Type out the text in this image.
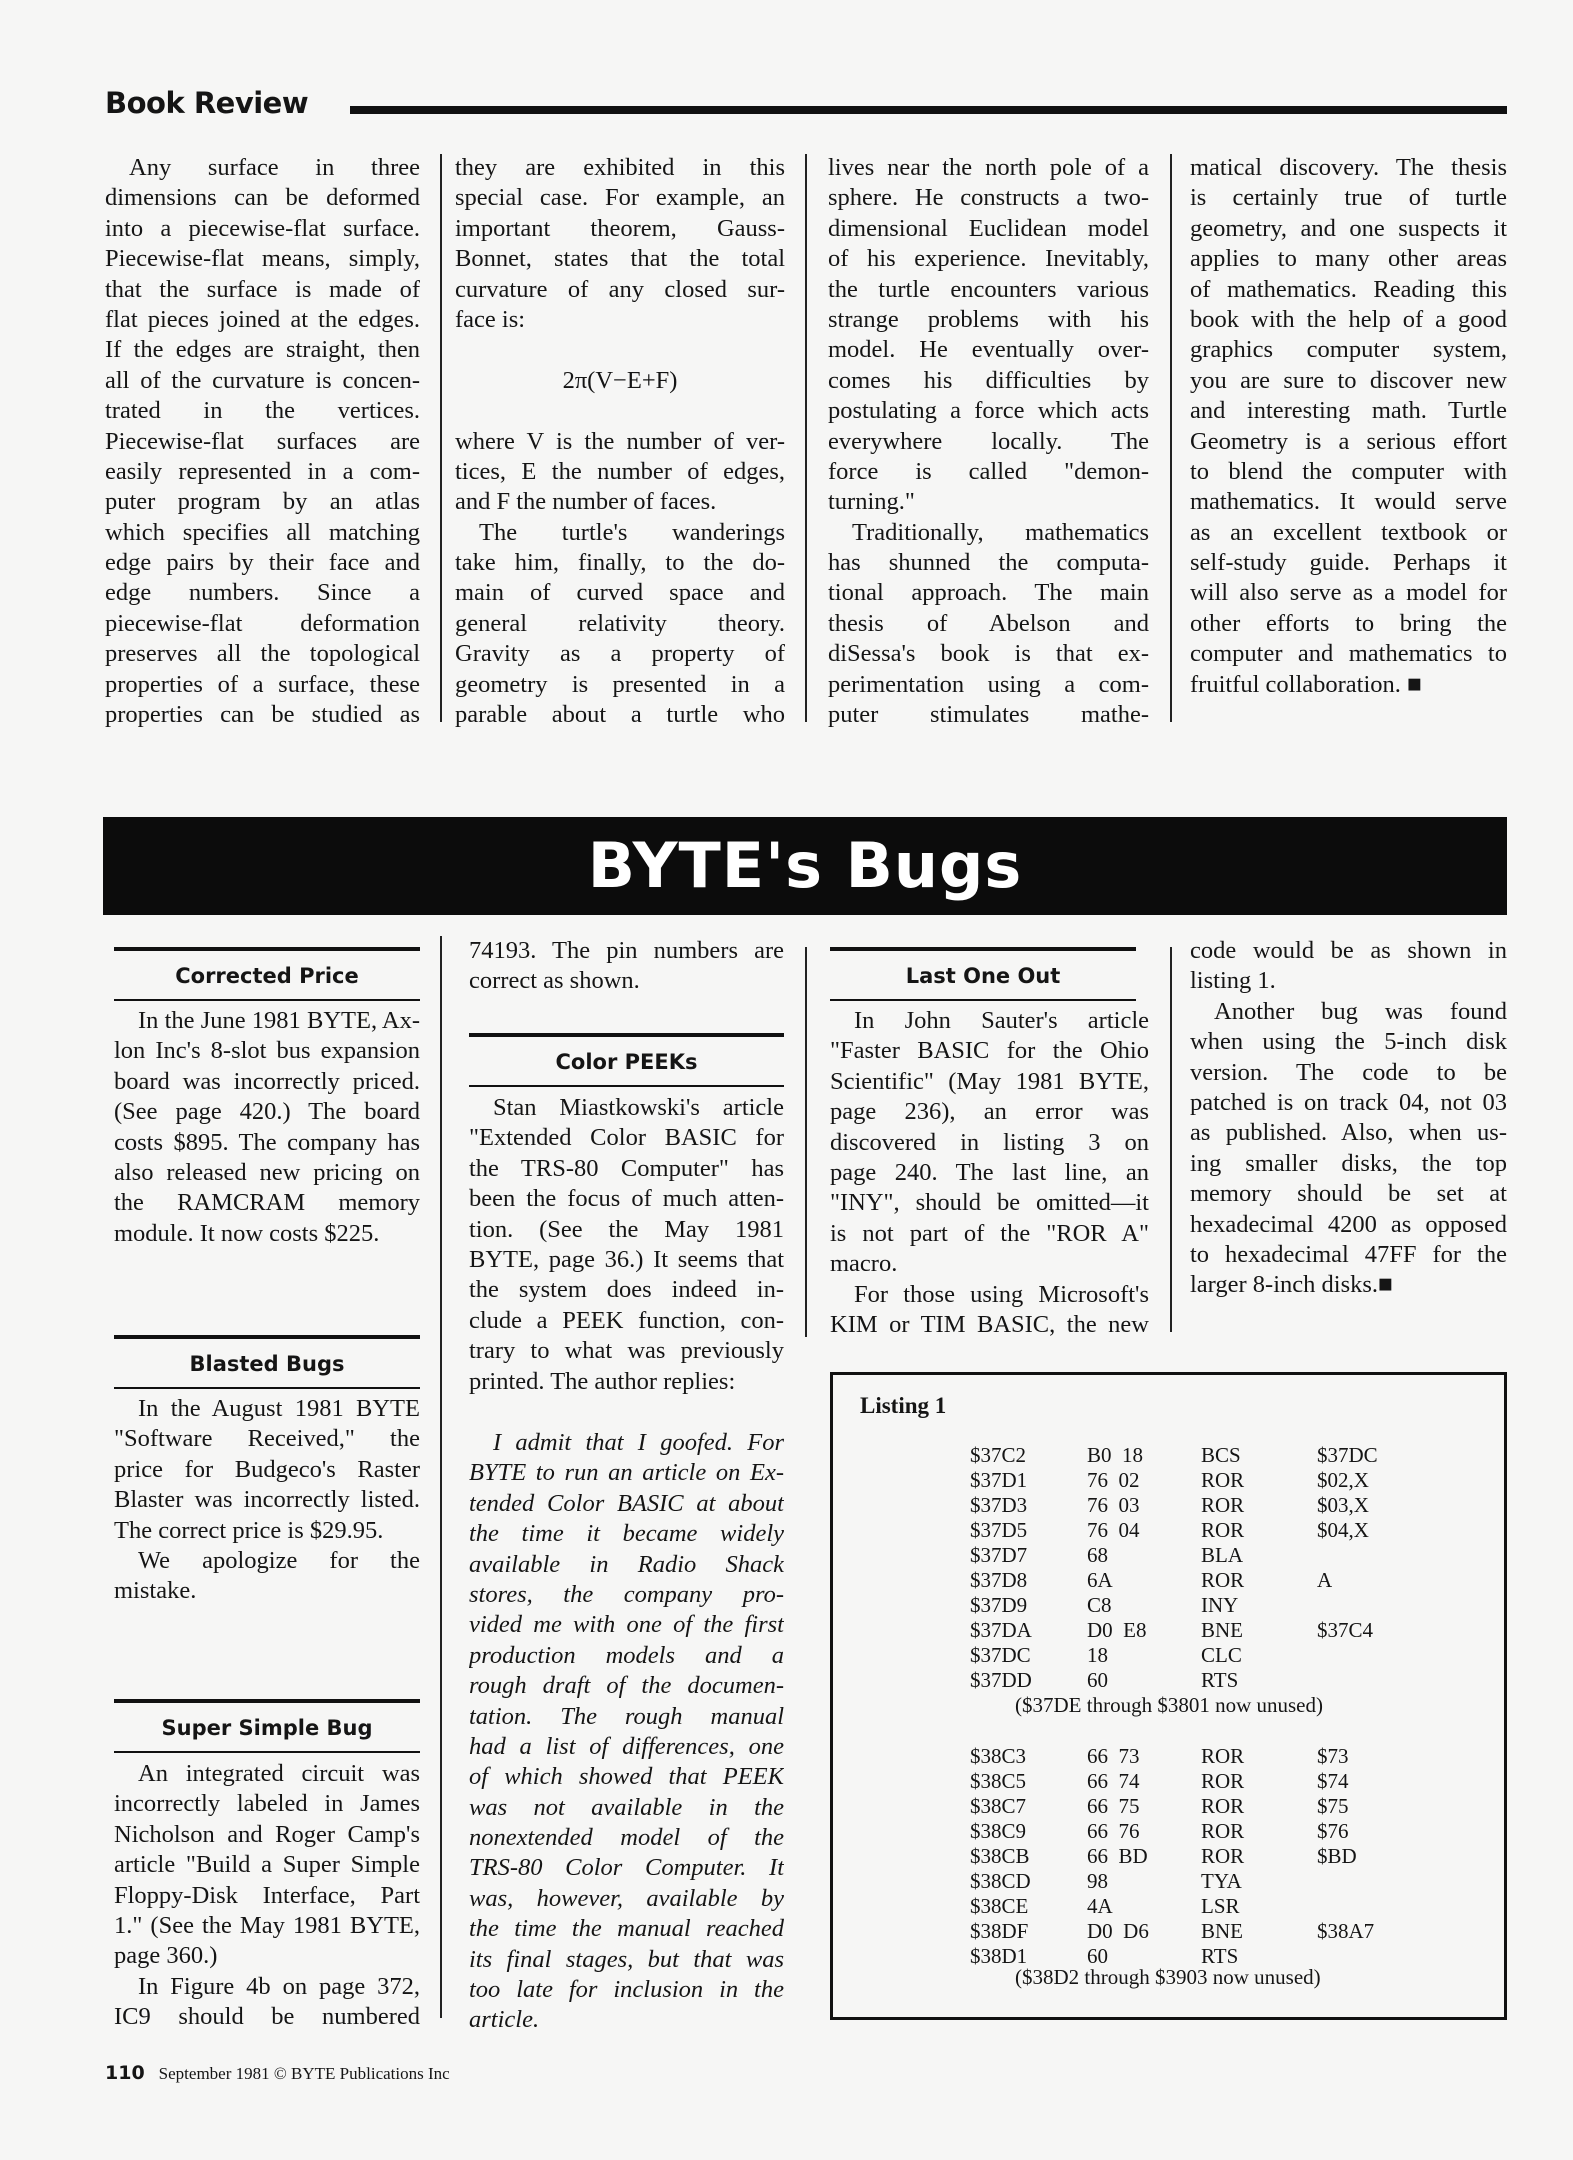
Book Review
Any surface in three
dimensions can be deformed
into a piecewise-flat surface.
Piecewise-flat means, simply,
that the surface is made of
flat pieces joined at the edges.
If the edges are straight, then
all of the curvature is concen-
trated in the vertices.
Piecewise-flat surfaces are
easily represented in a com-
puter program by an atlas
which specifies all matching
edge pairs by their face and
edge numbers. Since a
piecewise-flat deformation
preserves all the topological
properties of a surface, these
properties can be studied as
they are exhibited in this
special case. For example, an
important theorem, Gauss-
Bonnet, states that the total
curvature of any closed sur-
face is:
2π(V−E+F)
where V is the number of ver-
tices, E the number of edges,
and F the number of faces.
The turtle's wanderings
take him, finally, to the do-
main of curved space and
general relativity theory.
Gravity as a property of
geometry is presented in a
parable about a turtle who
lives near the north pole of a
sphere. He constructs a two-
dimensional Euclidean model
of his experience. Inevitably,
the turtle encounters various
strange problems with his
model. He eventually over-
comes his difficulties by
postulating a force which acts
everywhere locally. The
force is called "demon-
turning."
Traditionally, mathematics
has shunned the computa-
tional approach. The main
thesis of Abelson and
diSessa's book is that ex-
perimentation using a com-
puter stimulates mathe-
matical discovery. The thesis
is certainly true of turtle
geometry, and one suspects it
applies to many other areas
of mathematics. Reading this
book with the help of a good
graphics computer system,
you are sure to discover new
and interesting math. Turtle
Geometry is a serious effort
to blend the computer with
mathematics. It would serve
as an excellent textbook or
self-study guide. Perhaps it
will also serve as a model for
other efforts to bring the
computer and mathematics to
fruitful collaboration. ■
BYTE's Bugs
Corrected Price
In the June 1981 BYTE, Ax-
lon Inc's 8-slot bus expansion
board was incorrectly priced.
(See page 420.) The board
costs $895. The company has
also released new pricing on
the RAMCRAM memory
module. It now costs $225.
Blasted Bugs
In the August 1981 BYTE
"Software Received," the
price for Budgeco's Raster
Blaster was incorrectly listed.
The correct price is $29.95.
We apologize for the
mistake.
Super Simple Bug
An integrated circuit was
incorrectly labeled in James
Nicholson and Roger Camp's
article "Build a Super Simple
Floppy-Disk Interface, Part
1." (See the May 1981 BYTE,
page 360.)
In Figure 4b on page 372,
IC9 should be numbered
74193. The pin numbers are
correct as shown.
Color PEEKs
Stan Miastkowski's article
"Extended Color BASIC for
the TRS-80 Computer" has
been the focus of much atten-
tion. (See the May 1981
BYTE, page 36.) It seems that
the system does indeed in-
clude a PEEK function, con-
trary to what was previously
printed. The author replies:
I admit that I goofed. For
BYTE to run an article on Ex-
tended Color BASIC at about
the time it became widely
available in Radio Shack
stores, the company pro-
vided me with one of the first
production models and a
rough draft of the documen-
tation. The rough manual
had a list of differences, one
of which showed that PEEK
was not available in the
nonextended model of the
TRS-80 Color Computer. It
was, however, available by
the time the manual reached
its final stages, but that was
too late for inclusion in the
article.
Last One Out
In John Sauter's article
"Faster BASIC for the Ohio
Scientific" (May 1981 BYTE,
page 236), an error was
discovered in listing 3 on
page 240. The last line, an
"INY", should be omitted—it
is not part of the "ROR A"
macro.
For those using Microsoft's
KIM or TIM BASIC, the new
code would be as shown in
listing 1.
Another bug was found
when using the 5-inch disk
version. The code to be
patched is on track 04, not 03
as published. Also, when us-
ing smaller disks, the top
memory should be set at
hexadecimal 4200 as opposed
to hexadecimal 47FF for the
larger 8-inch disks.■
Listing 1
$37C2	B0  18	BCS	$37DC
$37D1	76  02	ROR	$02,X
$37D3	76  03	ROR	$03,X
$37D5	76  04	ROR	$04,X
$37D7	68	BLA
$37D8	6A	ROR	A
$37D9	C8	INY
$37DA	D0  E8	BNE	$37C4
$37DC	18	CLC
$37DD	60	RTS
($37DE through $3801 now unused)
$38C3	66  73	ROR	$73
$38C5	66  74	ROR	$74
$38C7	66  75	ROR	$75
$38C9	66  76	ROR	$76
$38CB	66  BD	ROR	$BD
$38CD	98	TYA
$38CE	4A	LSR
$38DF	D0  D6 BNE	$38A7
$38D1	60	RTS
($38D2 through $3903 now unused)
110 September 1981 © BYTE Publications Inc
